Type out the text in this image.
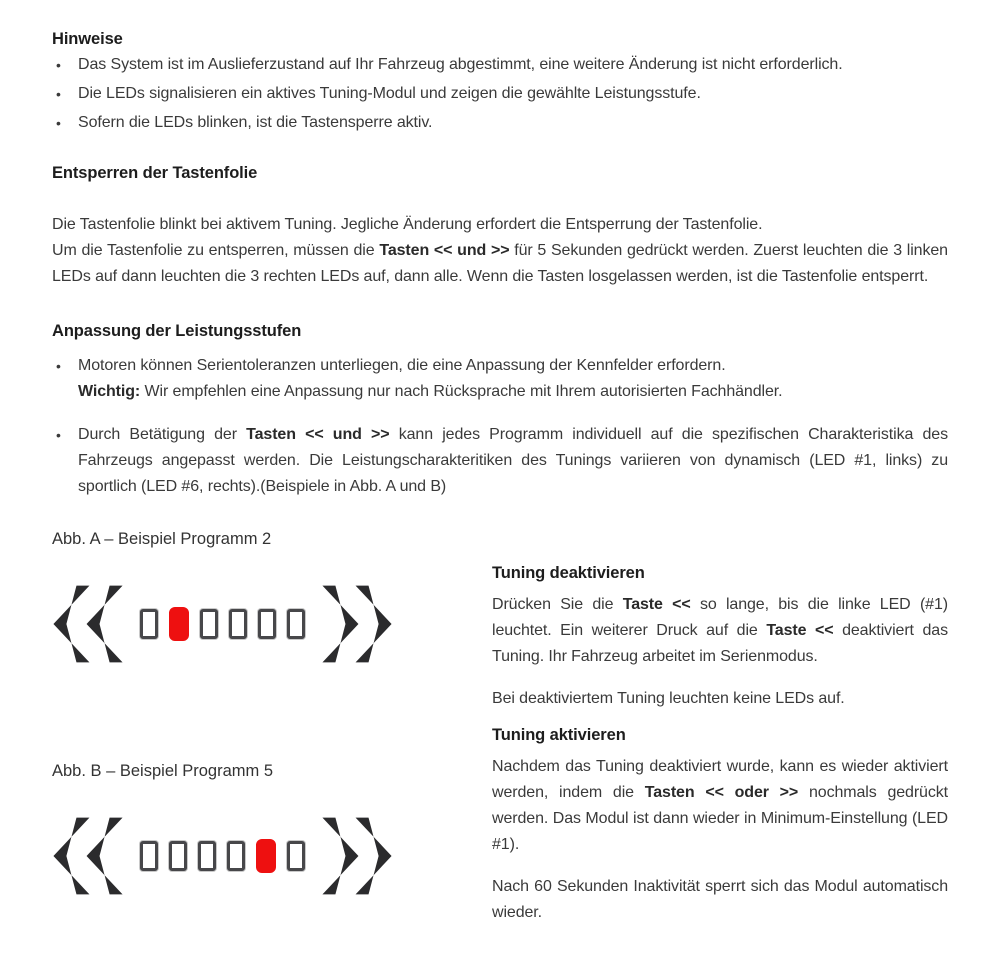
Hinweise
•	Das System ist im Auslieferzustand auf Ihr Fahrzeug abgestimmt, eine weitere Änderung ist nicht erforderlich.
•	Die LEDs signalisieren ein aktives Tuning-Modul und zeigen die gewählte Leistungsstufe.
•	Sofern die LEDs blinken, ist die Tastensperre aktiv.
Entsperren der Tastenfolie

Die Tastenfolie blinkt bei aktivem Tuning. Jegliche Änderung erfordert die Entsperrung der Tastenfolie.

Um die Tastenfolie zu entsperren, müssen die Tasten << und >> für 5 Sekunden gedrückt werden. Zuerst leuchten die 3 linken LEDs auf dann leuchten die 3 rechten LEDs auf, dann alle. Wenn die Tasten losgelassen werden, ist die Tastenfolie entsperrt.

Anpassung der Leistungsstufen
•	Motoren können Serientoleranzen unterliegen, die eine Anpassung der Kennfelder erfordern.

Wichtig: Wir empfehlen eine Anpassung nur nach Rücksprache mit Ihrem autorisierten Fachhändler.

•	Durch Betätigung der Tasten << und >> kann jedes Programm individuell auf die spezifischen Charakteristika des Fahrzeugs angepasst werden. Die Leistungscharakteritiken des Tunings variieren von dynamisch (LED #1, links) zu sportlich (LED #6, rechts).(Beispiele in Abb. A und B)
Abb. A – Beispiel Programm 2
Abb. B – Beispiel Programm 5
Tuning deaktivieren

Drücken Sie die Taste << so lange, bis die linke LED (#1) leuchtet. Ein weiterer Druck auf die Taste << deaktiviert das Tuning. Ihr Fahrzeug arbeitet im Serienmodus.

Bei deaktiviertem Tuning leuchten keine LEDs auf.

Tuning aktivieren

Nachdem das Tuning deaktiviert wurde, kann es wieder aktiviert werden, indem die Tasten << oder >> nochmals gedrückt werden. Das Modul ist dann wieder in Minimum-Einstellung (LED #1).

Nach 60 Sekunden Inaktivität sperrt sich das Modul automatisch wieder.
